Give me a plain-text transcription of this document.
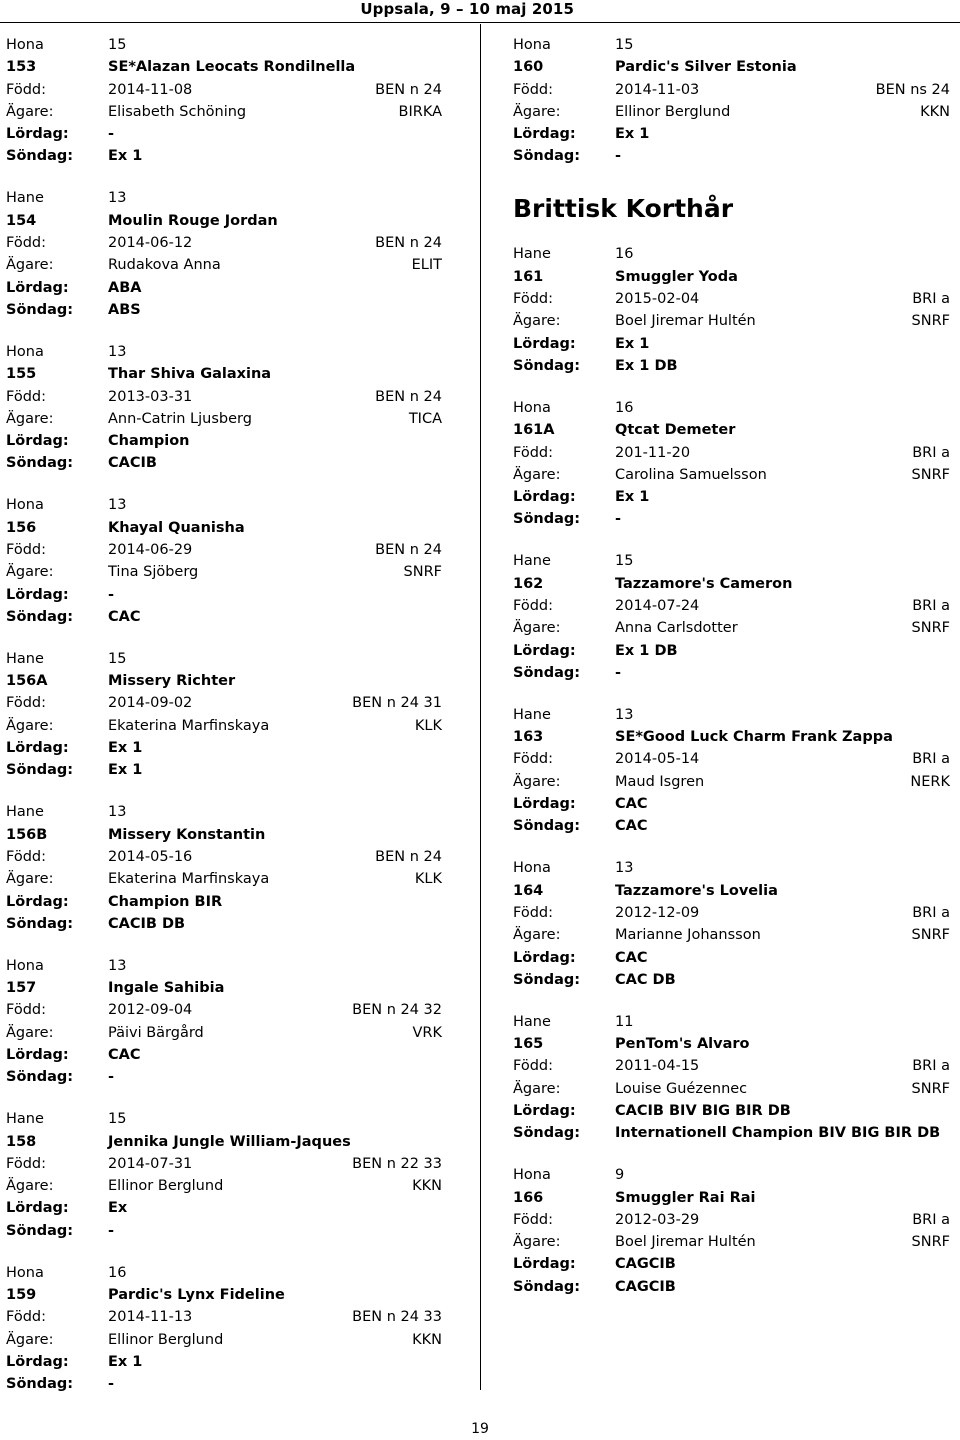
Uppsala, 9 – 10 maj 2015
Hona	15
153	SE*Alazan Leocats Rondilnella
Född:	2014-11-08	BEN n 24
Ägare:	Elisabeth Schöning	BIRKA
Lördag:	-
Söndag: Ex 1
Hane	13
154	Moulin Rouge Jordan
Född:	2014-06-12	BEN n 24
Ägare:	Rudakova Anna	ELIT
Lördag:	ABA
Söndag: ABS
Hona	13
155	Thar Shiva Galaxina
Född:	2013-03-31	BEN n 24
Ägare:	Ann-Catrin Ljusberg	TICA
Lördag:	Champion
Söndag: CACIB
Hona	13
156	Khayal Quanisha
Född:	2014-06-29	BEN n 24
Ägare:	Tina Sjöberg	SNRF
Lördag:	-
Söndag: CAC
Hane	15
156A	Missery Richter
Född:	2014-09-02	BEN n 24 31
Ägare:	Ekaterina Marfinskaya	KLK
Lördag:	Ex 1
Söndag: Ex 1
Hane	13
156B	Missery Konstantin
Född:	2014-05-16	BEN n 24
Ägare:	Ekaterina Marfinskaya	KLK
Lördag:	Champion BIR
Söndag: CACIB DB
Hona	13
157	Ingale Sahibia
Född:	2012-09-04	BEN n 24 32
Ägare:	Päivi Bärgård	VRK
Lördag:	CAC
Söndag: -
Hane	15
158	Jennika Jungle William-Jaques
Född:	2014-07-31	BEN n 22 33
Ägare:	Ellinor Berglund	KKN
Lördag:	Ex
Söndag: -
Hona	16
159	Pardic's Lynx Fideline
Född:	2014-11-13	BEN n 24 33
Ägare:	Ellinor Berglund	KKN
Lördag:	Ex 1
Söndag: -
Hona	15
160	Pardic's Silver Estonia
Född:	2014-11-03	BEN ns 24
Ägare:	Ellinor Berglund	KKN
Lördag:	Ex 1
Söndag: -
Brittisk Korthår
Hane	16
161	Smuggler Yoda
Född:	2015-02-04	BRI a
Ägare:	Boel Jiremar Hultén	SNRF
Lördag:	Ex 1
Söndag: Ex 1 DB
Hona	16
161A	Qtcat Demeter
Född:	201-11-20	BRI a
Ägare:	Carolina Samuelsson	SNRF
Lördag:	Ex 1
Söndag: -
Hane	15
162	Tazzamore's Cameron
Född:	2014-07-24	BRI a
Ägare:	Anna Carlsdotter	SNRF
Lördag:	Ex 1 DB
Söndag: -
Hane	13
163	SE*Good Luck Charm Frank Zappa
Född:	2014-05-14	BRI a
Ägare:	Maud Isgren	NERK
Lördag:	CAC
Söndag: CAC
Hona	13
164	Tazzamore's Lovelia
Född:	2012-12-09	BRI a
Ägare:	Marianne Johansson	SNRF
Lördag:	CAC
Söndag: CAC DB
Hane	11
165	PenTom's Alvaro
Född:	2011-04-15	BRI a
Ägare:	Louise Guézennec	SNRF
Lördag:	CACIB BIV BIG BIR DB
Söndag: Internationell Champion BIV BIG BIR DB
Hona	9
166	Smuggler Rai Rai
Född:	2012-03-29	BRI a
Ägare:	Boel Jiremar Hultén	SNRF
Lördag:	CAGCIB
Söndag: CAGCIB
19
